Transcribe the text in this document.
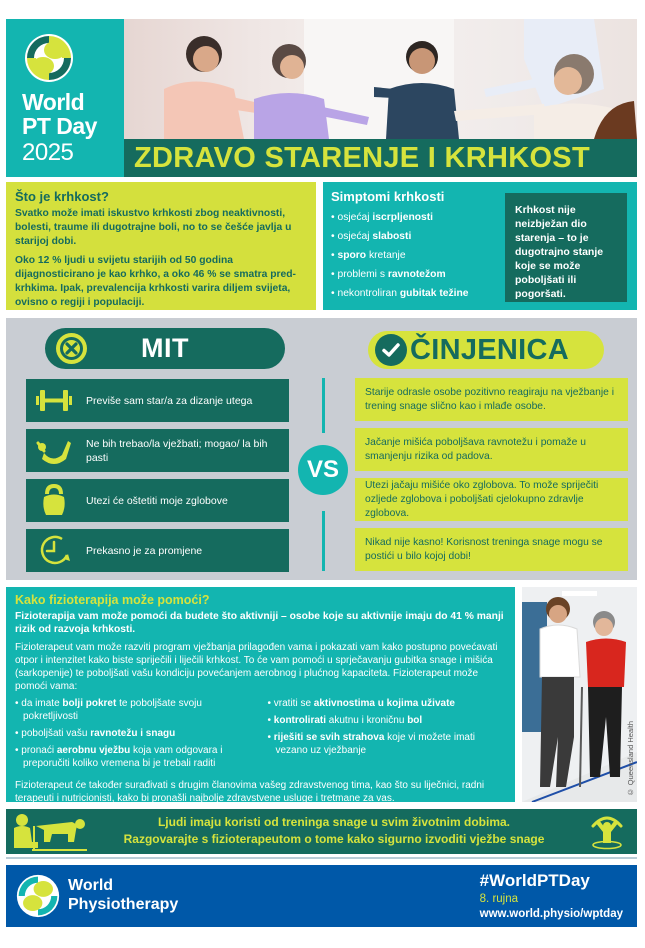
World
PT Day
2025 ZDRAVO STARENJE I KRHKOST
Što je krhkost?

Svatko može imati iskustvo krhkosti zbog neaktivnosti, bolesti, traume ili dugotrajne boli, no to se češće javlja u starijoj dobi.

Oko 12 % ljudi u svijetu starijih od 50 godina dijagnosticirano je kao krhko, a oko 46 % se smatra pred-krhkima. Ipak, prevalencija krhkosti varira diljem svijeta, ovisno o regiji i populaciji.

Simptomi krhkosti
• osjećaj iscrpljenosti
• osjećaj slabosti
• sporo kretanje
• problemi s ravnotežom
• nekontroliran gubitak težine
Krhkost nije neizbježan dio starenja – to je dugotrajno stanje koje se može poboljšati ili pogoršati.
MIT	ČINJENICA
Previše sam star/a za dizanje utega
Ne bih trebao/la vježbati; mogao/ la bih pasti
Utezi će oštetiti moje zglobove
Prekasno je za promjene
VS
Starije odrasle osobe pozitivno reagiraju na vježbanje i trening snage slično kao i mlađe osobe.
Jačanje mišića poboljšava ravnotežu i pomaže u smanjenju rizika od padova.
Utezi jačaju mišiće oko zglobova. To može spriječiti ozljede zglobova i poboljšati cjelokupno zdravlje zglobova.
Nikad nije kasno! Korisnost treninga snage mogu se postići u bilo kojoj dobi!
Kako fizioterapija može pomoći?

Fizioterapija vam može pomoći da budete što aktivniji – osobe koje su aktivnije imaju do 41 % manji rizik od razvoja krhkosti.

Fizioterapeut vam može razviti program vježbanja prilagođen vama i pokazati vam kako postupno povećavati otpor i intenzitet kako biste spriječili i liječili krhkost. To će vam pomoći u sprječavanju gubitka snage i mišića (sarkopenije) te poboljšati vašu kondiciju povećanjem aerobnog i plućnog kapaciteta. Fizioterapeut može pomoći vama:

• da imate bolji pokret te poboljšate svoju pokretljivosti
• poboljšati vašu ravnotežu i snagu
• pronaći aerobnu vježbu koja vam odgovara i preporučiti koliko vremena bi je trebali raditi
• vratiti se aktivnostima u kojima uživate
• kontrolirati akutnu i kroničnu bol
• riješiti se svih strahova koje vi možete imati vezano uz vježbanje

Fizioterapeut će također surađivati s drugim članovima vašeg zdravstvenog tima, kao što su liječnici, radni terapeuti i nutricionisti, kako bi pronašli najbolje zdravstvene usluge i tretmane za vas.

© Queensland Health
Ljudi imaju koristi od treninga snage u svim životnim dobima.
Razgovarajte s fizioterapeutom o tome kako sigurno izvoditi vježbe snage
World
Physiotherapy
#WorldPTDay
8. rujna
www.world.physio/wptday
